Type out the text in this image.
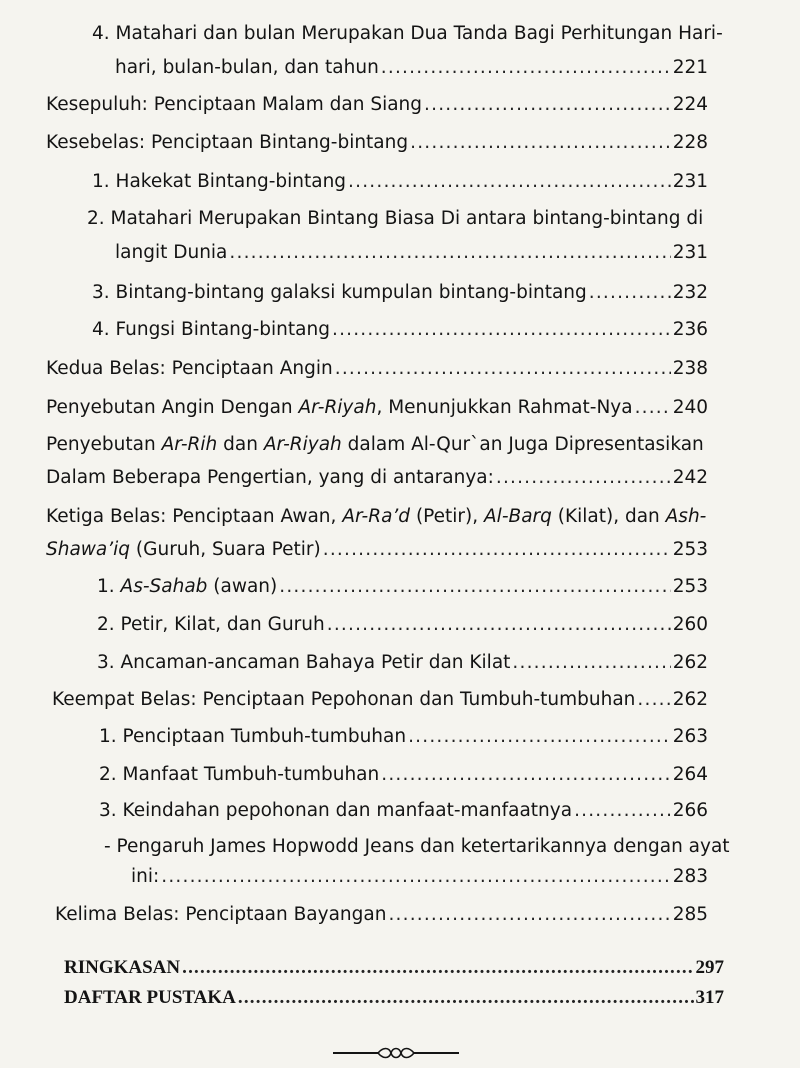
4. Matahari dan bulan Merupakan Dua Tanda Bagi Perhitungan Hari-
hari, bulan-bulan, dan tahun .....	221
Kesepuluh: Penciptaan Malam dan Siang .....	224
Kesebelas: Penciptaan Bintang-bintang .....	228
1. Hakekat Bintang-bintang .....	231
2. Matahari Merupakan Bintang Biasa Di antara bintang-bintang di
langit Dunia .....	231
3. Bintang-bintang galaksi kumpulan bintang-bintang .....	232
4. Fungsi Bintang-bintang .....	236
Kedua Belas: Penciptaan Angin .....	238
Penyebutan Angin Dengan Ar-Riyah, Menunjukkan Rahmat-Nya ..... 240
Penyebutan Ar-Rih dan Ar-Riyah dalam Al-Qur`an Juga Dipresentasikan
Dalam Beberapa Pengertian, yang di antaranya: .....	242
Ketiga Belas: Penciptaan Awan, Ar-Ra’d (Petir), Al-Barq (Kilat), dan Ash-
Shawa’iq (Guruh, Suara Petir) .....	253
1. As-Sahab (awan) .....	253
2. Petir, Kilat, dan Guruh .....	260
3. Ancaman-ancaman Bahaya Petir dan Kilat .....	262
Keempat Belas: Penciptaan Pepohonan dan Tumbuh-tumbuhan ..... 262
1. Penciptaan Tumbuh-tumbuhan .....	263
2. Manfaat Tumbuh-tumbuhan .....	264
3. Keindahan pepohonan dan manfaat-manfaatnya .....	266
- Pengaruh James Hopwodd Jeans dan ketertarikannya dengan ayat
ini: .....	283
Kelima Belas: Penciptaan Bayangan .....	285
RINGKASAN .....	297
DAFTAR PUSTAKA .....	317
